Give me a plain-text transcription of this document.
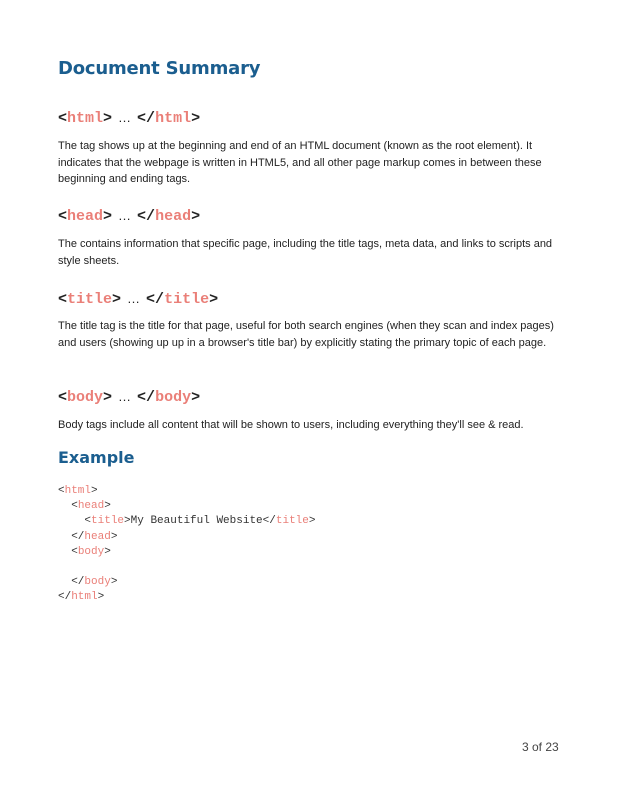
Document Summary
<html> … </html>

The tag shows up at the beginning and end of an HTML document (known as the root element). It indicates that the webpage is written in HTML5, and all other page markup comes in between these beginning and ending tags.

<head> … </head>

The contains information that specific page, including the title tags, meta data, and links to scripts and style sheets.

<title> … </title>

The title tag is the title for that page, useful for both search engines (when they scan and index pages) and users (showing up up in a browser's title bar) by explicitly stating the primary topic of each page.

<body> … </body>

Body tags include all content that will be shown to users, including everything they'll see & read.

Example
<html>
<head>
<title>My Beautiful Website</title>
</head>
<body>

</body>
</html>
3 of 23
